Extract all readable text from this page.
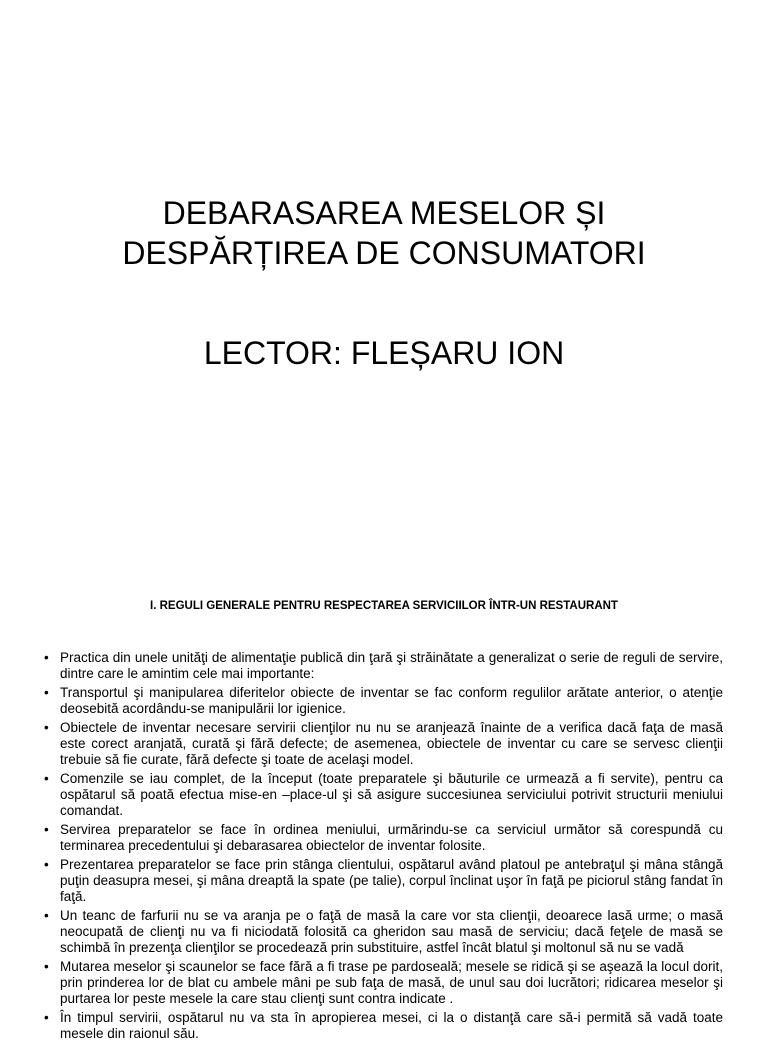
DEBARASAREA MESELOR ȘI
DESPĂRȚIREA DE CONSUMATORI
LECTOR: FLEȘARU ION
I. REGULI GENERALE PENTRU RESPECTAREA SERVICIILOR ÎNTR-UN RESTAURANT
• Practica din unele unităţi de alimentaţie publică din ţară şi străinătate a generalizat o serie de reguli de servire, dintre care le amintim cele mai importante:
• Transportul şi manipularea diferitelor obiecte de inventar se fac conform regulilor arătate anterior, o atenţie deosebită acordându-se manipulării lor igienice.
• Obiectele de inventar necesare servirii clienţilor nu nu se aranjează înainte de a verifica dacă faţa de masă este corect aranjată, curată şi fără defecte; de asemenea, obiectele de inventar cu care se servesc clienţii trebuie să fie curate, fără defecte şi toate de acelaşi model.
• Comenzile se iau complet, de la început (toate preparatele şi băuturile ce urmează a fi servite), pentru ca ospătarul să poată efectua mise-en –place-ul şi să asigure succesiunea serviciului potrivit structurii meniului comandat.
• Servirea preparatelor se face în ordinea meniului, urmărindu-se ca serviciul următor să corespundă cu terminarea precedentului şi debarasarea obiectelor de inventar folosite.
• Prezentarea preparatelor se face prin stânga clientului, ospătarul având platoul pe antebraţul şi mâna stângă puţin deasupra mesei, şi mâna dreaptă la spate (pe talie), corpul înclinat uşor în faţă pe piciorul stâng fandat în faţă.
• Un teanc de farfurii nu se va aranja pe o faţă de masă la care vor sta clienţii, deoarece lasă urme; o masă neocupată de clienţi nu va fi niciodată folosită ca gheridon sau masă de serviciu; dacă feţele de masă se schimbă în prezenţa clienţilor se procedează prin substituire, astfel încât blatul şi moltonul să nu se vadă
• Mutarea meselor şi scaunelor se face fără a fi trase pe pardoseală; mesele se ridică şi se aşează la locul dorit, prin prinderea lor de blat cu ambele mâni pe sub faţa de masă, de unul sau doi lucrători; ridicarea meselor şi purtarea lor peste mesele la care stau clienţi sunt contra indicate .
• În timpul servirii, ospătarul nu va sta în apropierea mesei, ci la o distanţă care să-i permită să vadă toate mesele din raionul său.
